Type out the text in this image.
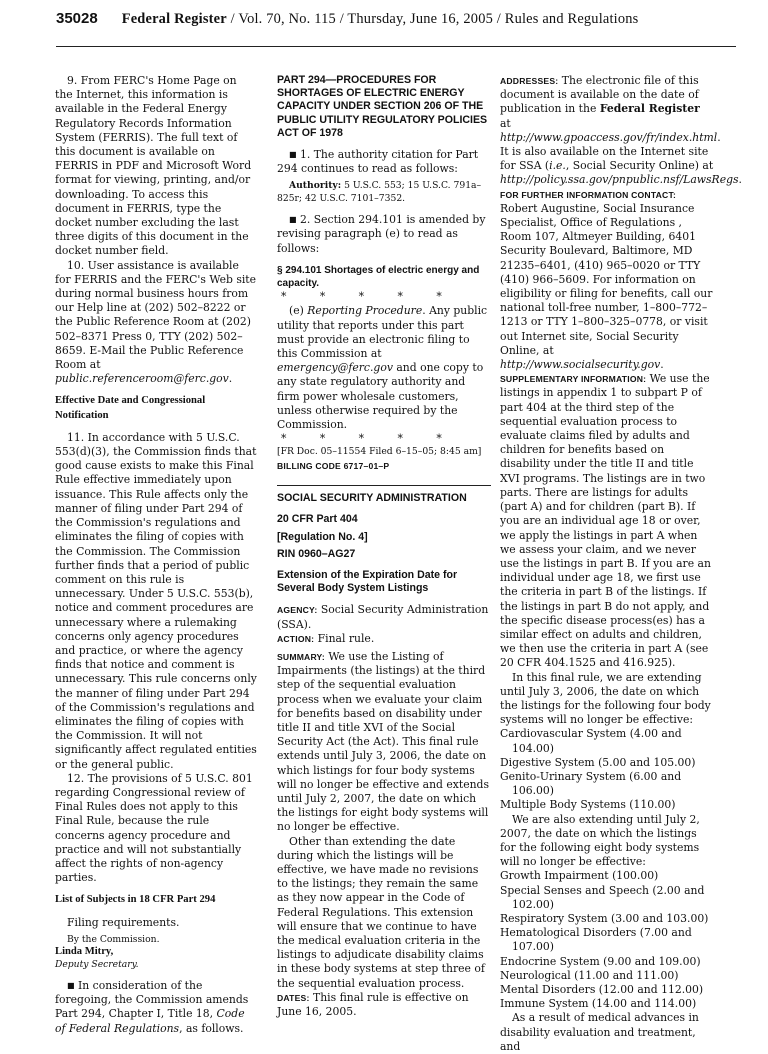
35028 Federal Register / Vol. 70, No. 115 / Thursday, June 16, 2005 / Rules and Regulations

9. From FERC's Home Page on the Internet, this information is available in the Federal Energy Regulatory Records Information System (FERRIS). The full text of this document is available on FERRIS in PDF and Microsoft Word format for viewing, printing, and/or downloading. To access this document in FERRIS, type the docket number excluding the last three digits of this document in the docket number field.

10. User assistance is available for FERRIS and the FERC's Web site during normal business hours from our Help line at (202) 502–8222 or the Public Reference Room at (202) 502–8371 Press 0, TTY (202) 502–8659. E-Mail the Public Reference Room at public.referenceroom@ferc.gov.

Effective Date and Congressional Notification

11. In accordance with 5 U.S.C. 553(d)(3), the Commission finds that good cause exists to make this Final Rule effective immediately upon issuance. This Rule affects only the manner of filing under Part 294 of the Commission's regulations and eliminates the filing of copies with the Commission. The Commission further finds that a period of public comment on this rule is unnecessary. Under 5 U.S.C. 553(b), notice and comment procedures are unnecessary where a rulemaking concerns only agency procedures and practice, or where the agency finds that notice and comment is unnecessary. This rule concerns only the manner of filing under Part 294 of the Commission's regulations and eliminates the filing of copies with the Commission. It will not significantly affect regulated entities or the general public.

12. The provisions of 5 U.S.C. 801 regarding Congressional review of Final Rules does not apply to this Final Rule, because the rule concerns agency procedure and practice and will not substantially affect the rights of non-agency parties.

List of Subjects in 18 CFR Part 294

Filing requirements.

By the Commission.

Linda Mitry,

Deputy Secretary.

■ In consideration of the foregoing, the Commission amends Part 294, Chapter I, Title 18, Code of Federal Regulations, as follows.

PART 294—PROCEDURES FOR SHORTAGES OF ELECTRIC ENERGY CAPACITY UNDER SECTION 206 OF THE PUBLIC UTILITY REGULATORY POLICIES ACT OF 1978

■ 1. The authority citation for Part 294 continues to read as follows:

Authority: 5 U.S.C. 553; 15 U.S.C. 791a–825r; 42 U.S.C. 7101–7352.

■ 2. Section 294.101 is amended by revising paragraph (e) to read as follows:

§ 294.101 Shortages of electric energy and capacity.

* * * * *

(e) Reporting Procedure. Any public utility that reports under this part must provide an electronic filing to this Commission at emergency@ferc.gov and one copy to any state regulatory authority and firm power wholesale customers, unless otherwise required by the Commission.

* * * * *

[FR Doc. 05–11554 Filed 6–15–05; 8:45 am]

BILLING CODE 6717–01–P

SOCIAL SECURITY ADMINISTRATION

20 CFR Part 404

[Regulation No. 4]

RIN 0960–AG27

Extension of the Expiration Date for Several Body System Listings

AGENCY: Social Security Administration (SSA).

ACTION: Final rule.

SUMMARY: We use the Listing of Impairments (the listings) at the third step of the sequential evaluation process when we evaluate your claim for benefits based on disability under title II and title XVI of the Social Security Act (the Act). This final rule extends until July 3, 2006, the date on which listings for four body systems will no longer be effective and extends until July 2, 2007, the date on which the listings for eight body systems will no longer be effective.

Other than extending the date during which the listings will be effective, we have made no revisions to the listings; they remain the same as they now appear in the Code of Federal Regulations. This extension will ensure that we continue to have the medical evaluation criteria in the listings to adjudicate disability claims in these body systems at step three of the sequential evaluation process.

DATES: This final rule is effective on June 16, 2005.

ADDRESSES: The electronic file of this document is available on the date of publication in the Federal Register at http://www.gpoaccess.gov/fr/index.html. It is also available on the Internet site for SSA (i.e., Social Security Online) at http://policy.ssa.gov/pnpublic.nsf/LawsRegs.

FOR FURTHER INFORMATION CONTACT:

Robert Augustine, Social Insurance Specialist, Office of Regulations , Room 107, Altmeyer Building, 6401 Security Boulevard, Baltimore, MD 21235–6401, (410) 965–0020 or TTY (410) 966–5609. For information on eligibility or filing for benefits, call our national toll-free number, 1–800–772–1213 or TTY 1–800–325–0778, or visit out Internet site, Social Security Online, at http://www.socialsecurity.gov.

SUPPLEMENTARY INFORMATION: We use the listings in appendix 1 to subpart P of part 404 at the third step of the sequential evaluation process to evaluate claims filed by adults and children for benefits based on disability under the title II and title XVI programs. The listings are in two parts. There are listings for adults (part A) and for children (part B). If you are an individual age 18 or over, we apply the listings in part A when we assess your claim, and we never use the listings in part B. If you are an individual under age 18, we first use the criteria in part B of the listings. If the listings in part B do not apply, and the specific disease process(es) has a similar effect on adults and children, we then use the criteria in part A (see 20 CFR 404.1525 and 416.925).

In this final rule, we are extending until July 3, 2006, the date on which the listings for the following four body systems will no longer be effective:

Cardiovascular System (4.00 and 104.00)
Digestive System (5.00 and 105.00)
Genito-Urinary System (6.00 and 106.00)
Multiple Body Systems (110.00)

We are also extending until July 2, 2007, the date on which the listings for the following eight body systems will no longer be effective:

Growth Impairment (100.00)
Special Senses and Speech (2.00 and 102.00)
Respiratory System (3.00 and 103.00)
Hematological Disorders (7.00 and 107.00)
Endocrine System (9.00 and 109.00)
Neurological (11.00 and 111.00)
Mental Disorders (12.00 and 112.00)
Immune System (14.00 and 114.00)

As a result of medical advances in disability evaluation and treatment, and
